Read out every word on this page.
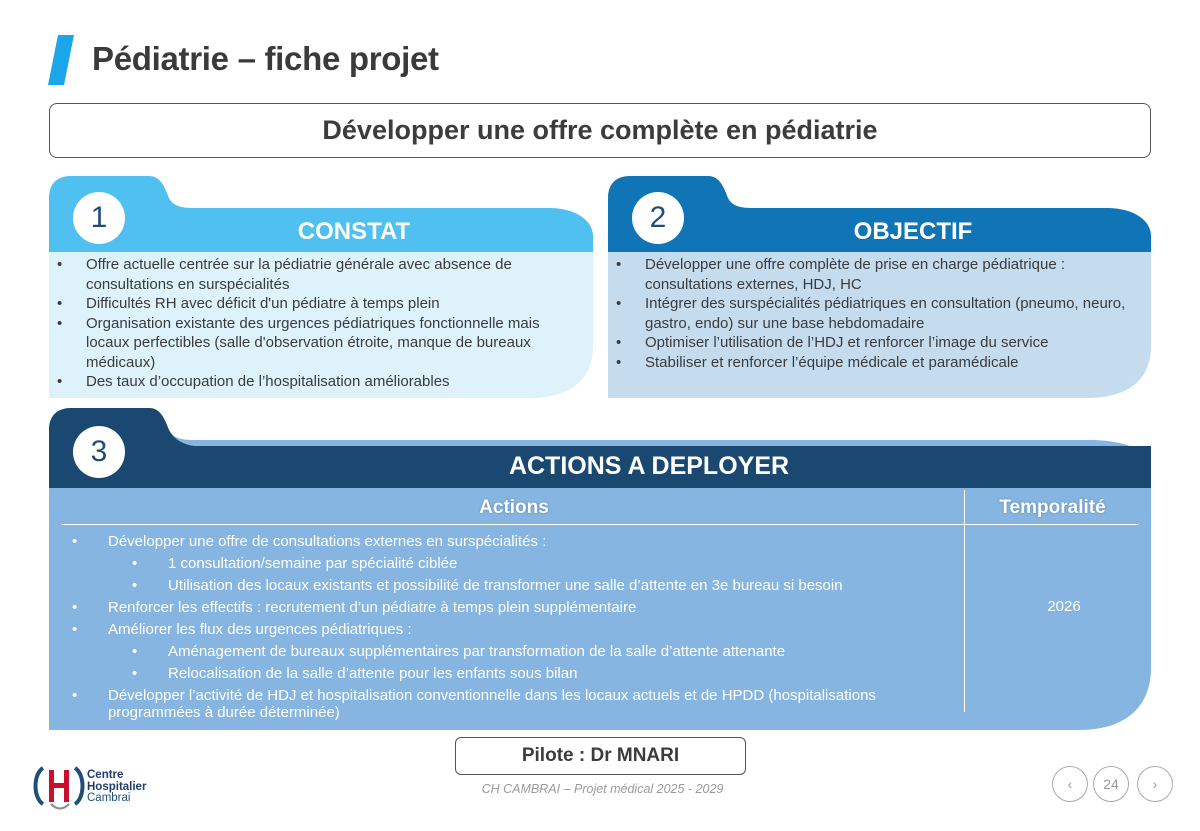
Pédiatrie – fiche projet
Développer une offre complète en pédiatrie
1	CONSTAT
• Offre actuelle centrée sur la pédiatrie générale avec absence de consultations en surspécialités
• Difficultés RH avec déficit d'un pédiatre à temps plein
• Organisation existante des urgences pédiatriques fonctionnelle mais locaux perfectibles (salle d'observation étroite, manque de bureaux médicaux)
• Des taux d’occupation de l’hospitalisation améliorables
2	OBJECTIF
• Développer une offre complète de prise en charge pédiatrique : consultations externes, HDJ, HC
• Intégrer des surspécialités pédiatriques en consultation (pneumo, neuro, gastro, endo) sur une base hebdomadaire
• Optimiser l’utilisation de l’HDJ et renforcer l’image du service
• Stabiliser et renforcer l’équipe médicale et paramédicale
3	ACTIONS A DEPLOYER
Actions	Temporalité
• Développer une offre de consultations externes en surspécialités :
• 1 consultation/semaine par spécialité ciblée
• Utilisation des locaux existants et possibilité de transformer une salle d’attente en 3e bureau si besoin
• Renforcer les effectifs : recrutement d’un pédiatre à temps plein supplémentaire
• Améliorer les flux des urgences pédiatriques :
• Aménagement de bureaux supplémentaires par transformation de la salle d’attente attenante
• Relocalisation de la salle d’attente pour les enfants sous bilan
• Développer l’activité de HDJ et hospitalisation conventionnelle dans les locaux actuels et de HPDD (hospitalisations programmées à durée déterminée)
2026
Pilote : Dr MNARI
Centre
Hospitalier
Cambrai
CH CAMBRAI – Projet médical 2025 - 2029	‹	24	›
